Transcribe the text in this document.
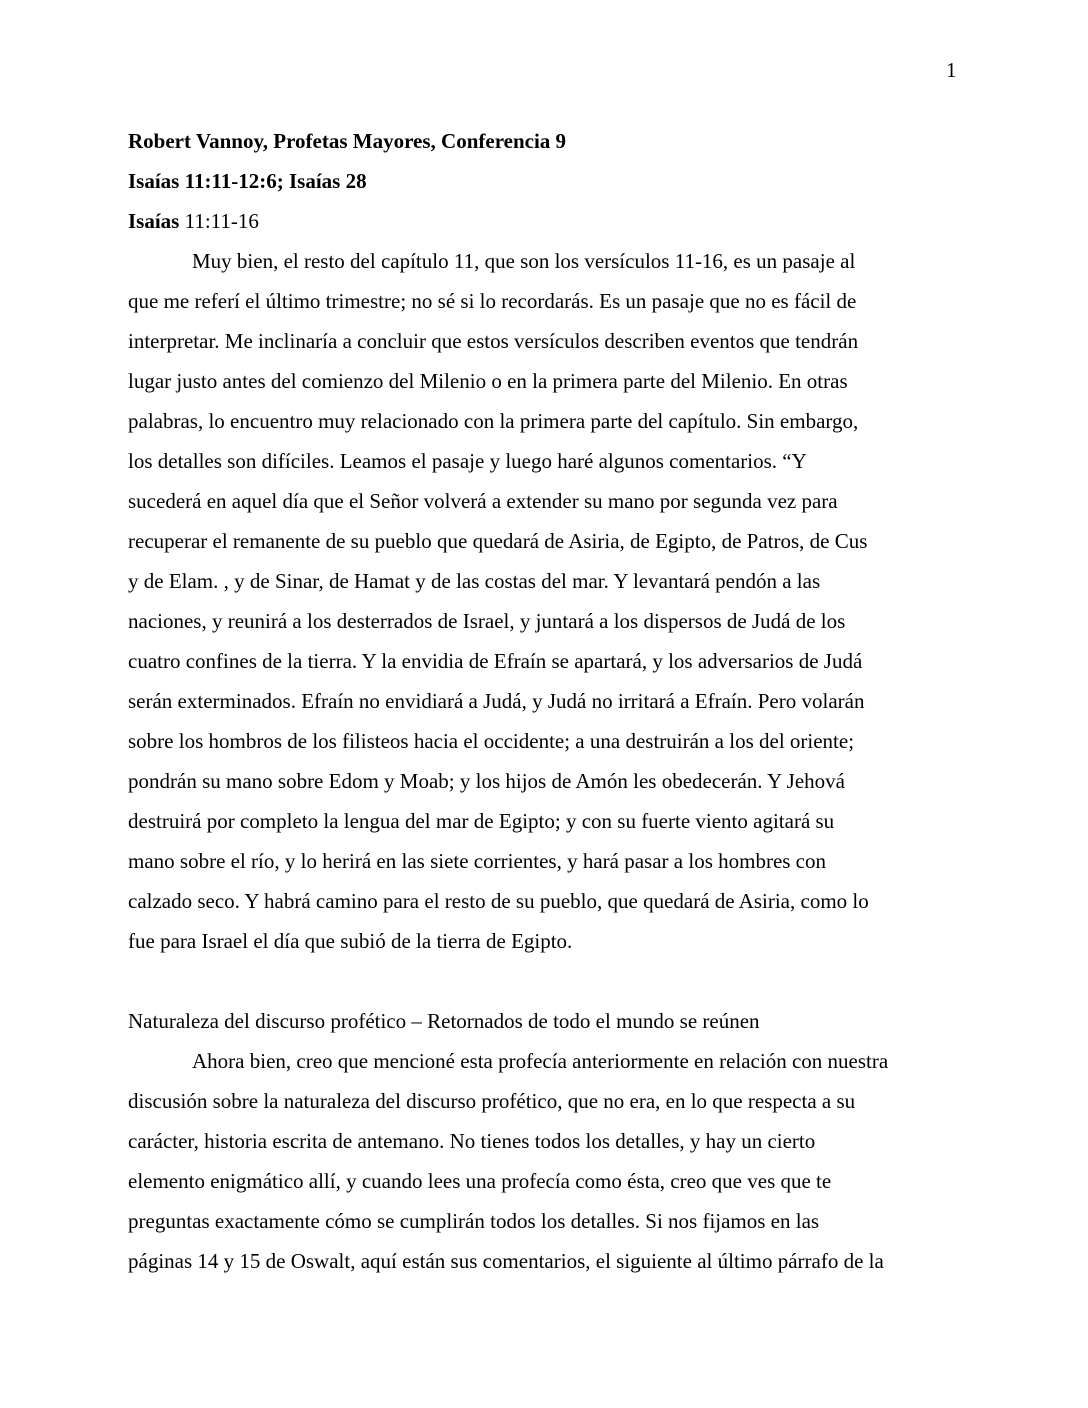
1
Robert Vannoy, Profetas Mayores, Conferencia 9
Isaías 11:11-12:6; Isaías 28
Isaías 11:11-16
Muy bien, el resto del capítulo 11, que son los versículos 11-16, es un pasaje al
que me referí el último trimestre; no sé si lo recordarás. Es un pasaje que no es fácil de
interpretar. Me inclinaría a concluir que estos versículos describen eventos que tendrán
lugar justo antes del comienzo del Milenio o en la primera parte del Milenio. En otras
palabras, lo encuentro muy relacionado con la primera parte del capítulo. Sin embargo,
los detalles son difíciles. Leamos el pasaje y luego haré algunos comentarios. “Y
sucederá en aquel día que el Señor volverá a extender su mano por segunda vez para
recuperar el remanente de su pueblo que quedará de Asiria, de Egipto, de Patros, de Cus
y de Elam. , y de Sinar, de Hamat y de las costas del mar. Y levantará pendón a las
naciones, y reunirá a los desterrados de Israel, y juntará a los dispersos de Judá de los
cuatro confines de la tierra. Y la envidia de Efraín se apartará, y los adversarios de Judá
serán exterminados. Efraín no envidiará a Judá, y Judá no irritará a Efraín. Pero volarán
sobre los hombros de los filisteos hacia el occidente; a una destruirán a los del oriente;
pondrán su mano sobre Edom y Moab; y los hijos de Amón les obedecerán. Y Jehová
destruirá por completo la lengua del mar de Egipto; y con su fuerte viento agitará su
mano sobre el río, y lo herirá en las siete corrientes, y hará pasar a los hombres con
calzado seco. Y habrá camino para el resto de su pueblo, que quedará de Asiria, como lo
fue para Israel el día que subió de la tierra de Egipto.
Naturaleza del discurso profético – Retornados de todo el mundo se reúnen
Ahora bien, creo que mencioné esta profecía anteriormente en relación con nuestra
discusión sobre la naturaleza del discurso profético, que no era, en lo que respecta a su
carácter, historia escrita de antemano. No tienes todos los detalles, y hay un cierto
elemento enigmático allí, y cuando lees una profecía como ésta, creo que ves que te
preguntas exactamente cómo se cumplirán todos los detalles. Si nos fijamos en las
páginas 14 y 15 de Oswalt, aquí están sus comentarios, el siguiente al último párrafo de la
